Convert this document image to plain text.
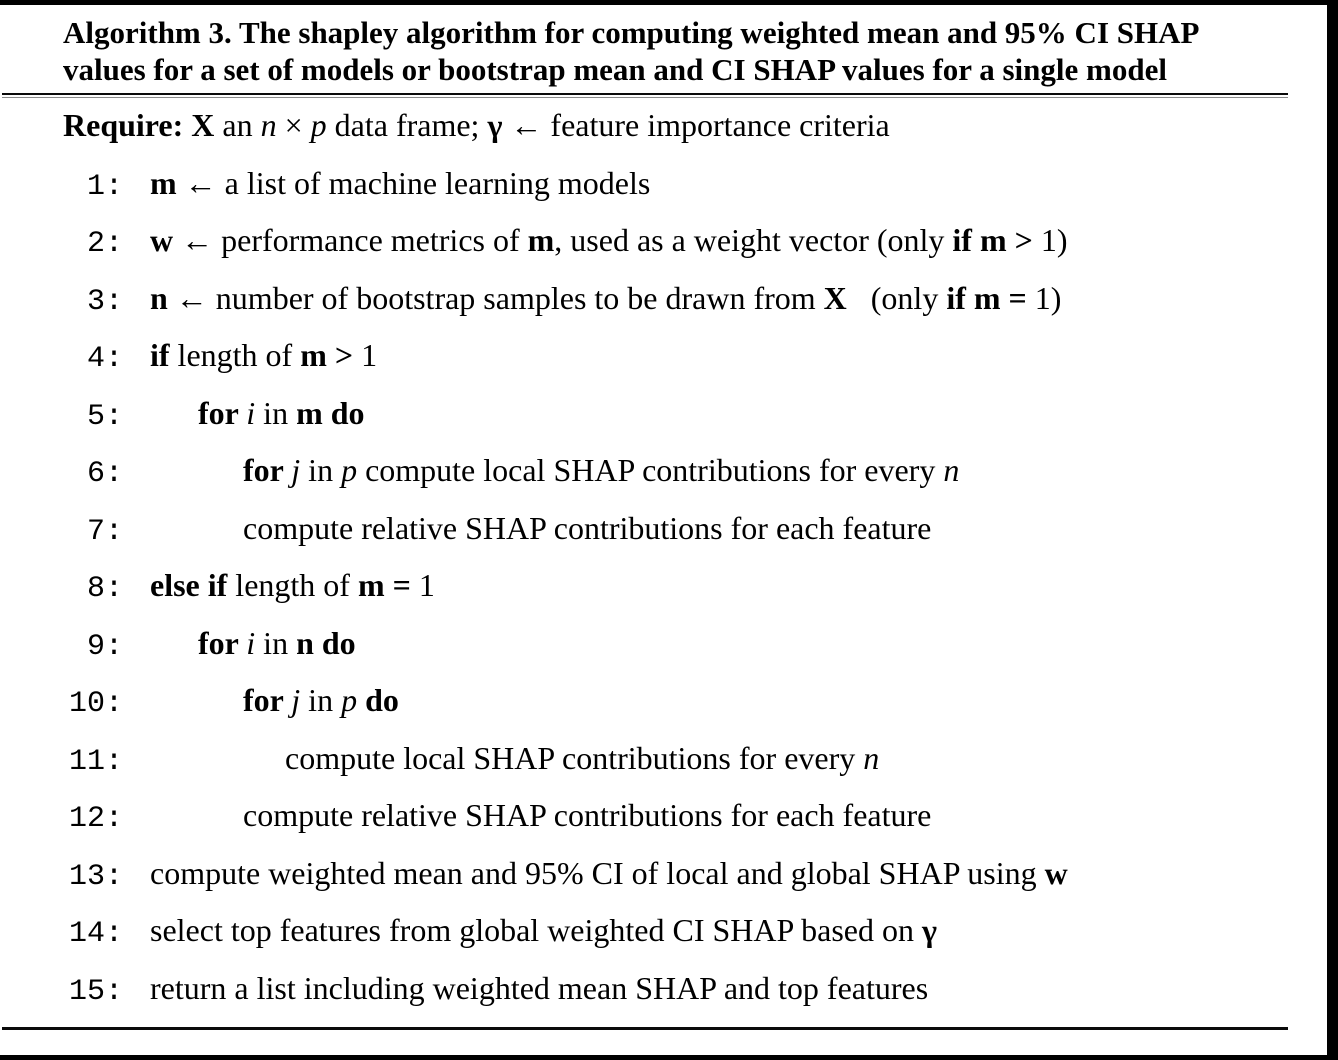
Algorithm 3. The shapley algorithm for computing weighted mean and 95% CI SHAP
values for a set of models or bootstrap mean and CI SHAP values for a single model
Require: X an n × p data frame; γ ← feature importance criteria
1: m ← a list of machine learning models
2: w ← performance metrics of m, used as a weight vector (only if m > 1)
3: n ← number of bootstrap samples to be drawn from X   (only if m = 1)
4: if length of m > 1
5: for i in m do
6:	for j in p compute local SHAP contributions for every n
7:	compute relative SHAP contributions for each feature
8: else if length of m = 1
9: for i in n do
10:	for j in p do
11:	compute local SHAP contributions for every n
12:	compute relative SHAP contributions for each feature
13: compute weighted mean and 95% CI of local and global SHAP using w
14: select top features from global weighted CI SHAP based on γ
15: return a list including weighted mean SHAP and top features
